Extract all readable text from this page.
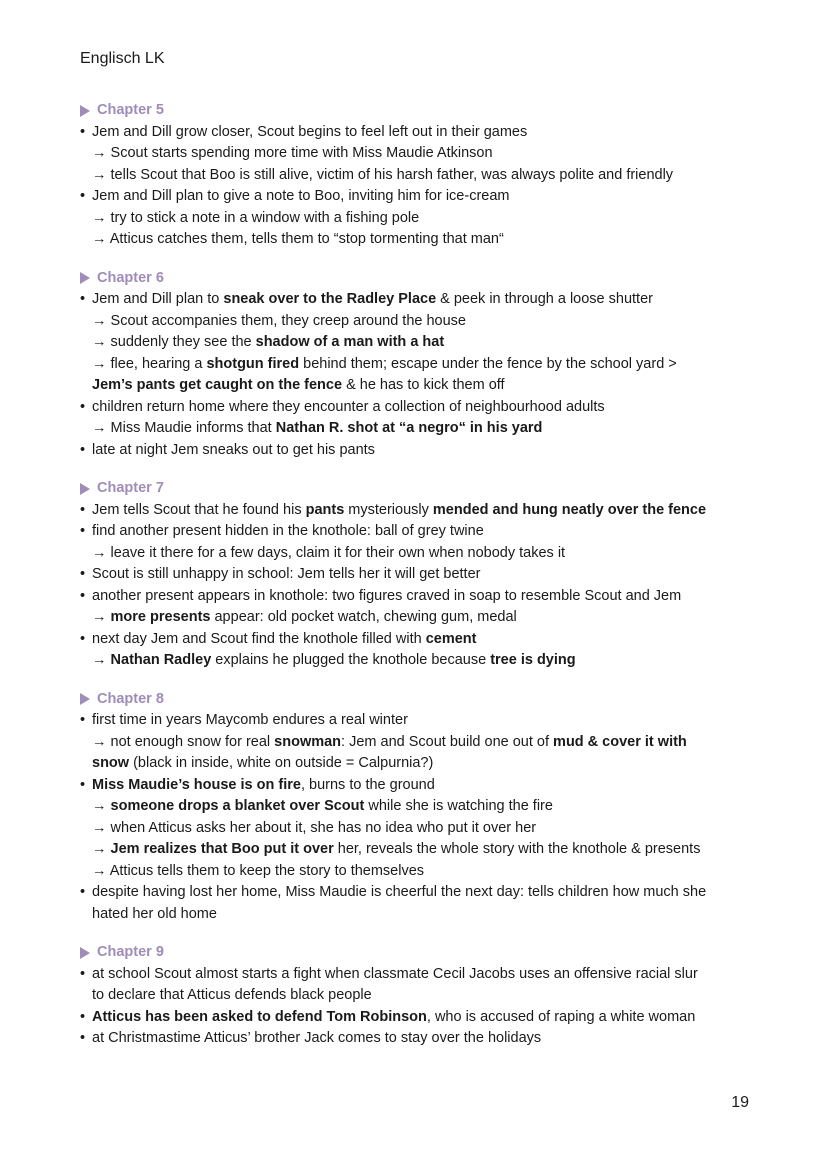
Englisch LK
Chapter 5
• Jem and Dill grow closer, Scout begins to feel left out in their games
→ Scout starts spending more time with Miss Maudie Atkinson
→ tells Scout that Boo is still alive, victim of his harsh father, was always polite and friendly
• Jem and Dill plan to give a note to Boo, inviting him for ice-cream
→ try to stick a note in a window with a fishing pole
→ Atticus catches them, tells them to “stop tormenting that man“
Chapter 6
• Jem and Dill plan to sneak over to the Radley Place & peek in through a loose shutter
→ Scout accompanies them, they creep around the house
→ suddenly they see the shadow of a man with a hat
→ flee, hearing a shotgun fired behind them; escape under the fence by the school yard >
Jem’s pants get caught on the fence & he has to kick them off
• children return home where they encounter a collection of neighbourhood adults
→ Miss Maudie informs that Nathan R. shot at “a negro“ in his yard
• late at night Jem sneaks out to get his pants
Chapter 7
• Jem tells Scout that he found his pants mysteriously mended and hung neatly over the fence
• find another present hidden in the knothole: ball of grey twine
→ leave it there for a few days, claim it for their own when nobody takes it
• Scout is still unhappy in school: Jem tells her it will get better
• another present appears in knothole: two figures craved in soap to resemble Scout and Jem
→ more presents appear: old pocket watch, chewing gum, medal
• next day Jem and Scout find the knothole filled with cement
→ Nathan Radley explains he plugged the knothole because tree is dying
Chapter 8
• first time in years Maycomb endures a real winter
→ not enough snow for real snowman: Jem and Scout build one out of mud & cover it with
snow (black in inside, white on outside = Calpurnia?)
• Miss Maudie’s house is on fire, burns to the ground
→ someone drops a blanket over Scout while she is watching the fire
→ when Atticus asks her about it, she has no idea who put it over her
→ Jem realizes that Boo put it over her, reveals the whole story with the knothole & presents
→ Atticus tells them to keep the story to themselves
• despite having lost her home, Miss Maudie is cheerful the next day: tells children how much she
hated her old home
Chapter 9
• at school Scout almost starts a fight when classmate Cecil Jacobs uses an offensive racial slur
to declare that Atticus defends black people
• Atticus has been asked to defend Tom Robinson, who is accused of raping a white woman
• at Christmastime Atticus’ brother Jack comes to stay over the holidays
19
